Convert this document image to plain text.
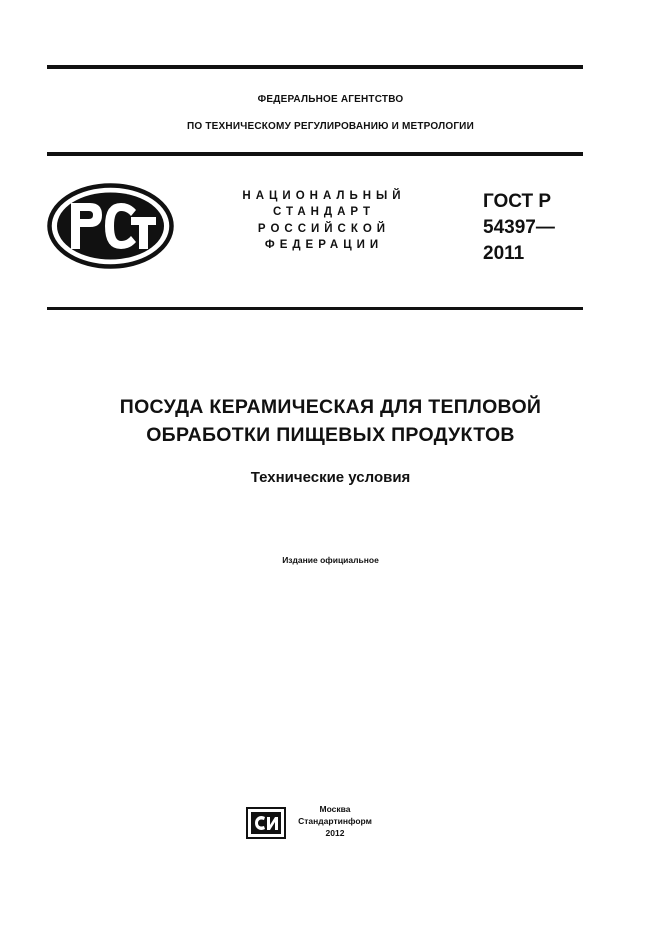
ФЕДЕРАЛЬНОЕ АГЕНТСТВО
ПО ТЕХНИЧЕСКОМУ РЕГУЛИРОВАНИЮ И МЕТРОЛОГИИ
НАЦИОНАЛЬНЫЙ
СТАНДАРТ
РОССИЙСКОЙ
ФЕДЕРАЦИИ
ГОСТ Р
54397—
2011
ПОСУДА КЕРАМИЧЕСКАЯ ДЛЯ ТЕПЛОВОЙ
ОБРАБОТКИ ПИЩЕВЫХ ПРОДУКТОВ
Технические условия
Издание официальное
Москва
Стандартинформ
2012
